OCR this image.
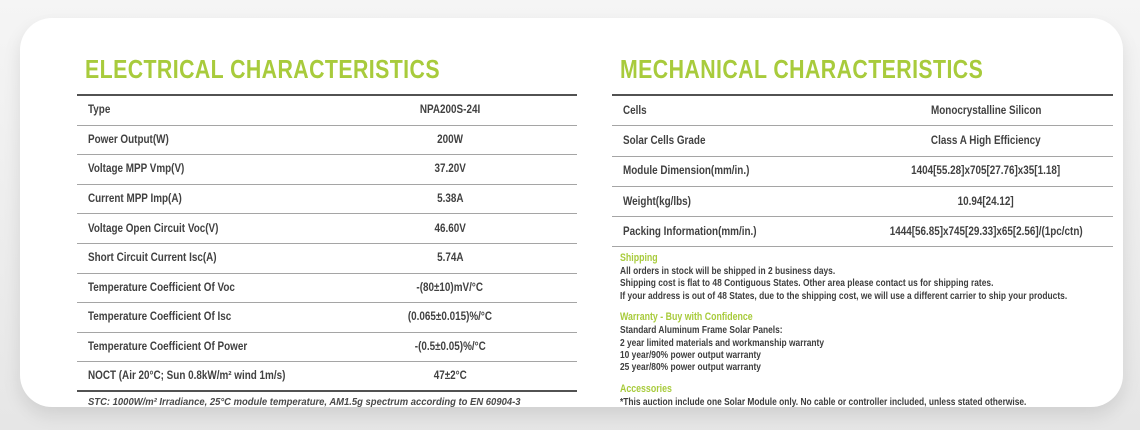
ELECTRICAL CHARACTERISTICS
Type	NPA200S-24I
Power Output(W)	200W
Voltage MPP Vmp(V)	37.20V
Current MPP Imp(A)	5.38A
Voltage Open Circuit Voc(V)	46.60V
Short Circuit Current Isc(A)	5.74A
Temperature Coefficient Of Voc	-(80±10)mV/°C
Temperature Coefficient Of Isc	(0.065±0.015)%/°C
Temperature Coefficient Of Power	-(0.5±0.05)%/°C
NOCT (Air 20°C; Sun 0.8kW/m² wind 1m/s)	47±2°C
STC: 1000W/m² Irradiance, 25°C module temperature, AM1.5g spectrum according to EN 60904-3
MECHANICAL CHARACTERISTICS
Cells	Monocrystalline Silicon
Solar Cells Grade	Class A High Efficiency
Module Dimension(mm/in.)	1404[55.28]x705[27.76]x35[1.18]
Weight(kg/lbs)	10.94[24.12]
Packing Information(mm/in.)	1444[56.85]x745[29.33]x65[2.56]/(1pc/ctn)
Shipping
All orders in stock will be shipped in 2 business days.
Shipping cost is flat to 48 Contiguous States. Other area please contact us for shipping rates.
If your address is out of 48 States, due to the shipping cost, we will use a different carrier to ship your products.
Warranty - Buy with Confidence
Standard Aluminum Frame Solar Panels:
2 year limited materials and workmanship warranty
10 year/90% power output warranty
25 year/80% power output warranty
Accessories
*This auction include one Solar Module only. No cable or controller included, unless stated otherwise.
